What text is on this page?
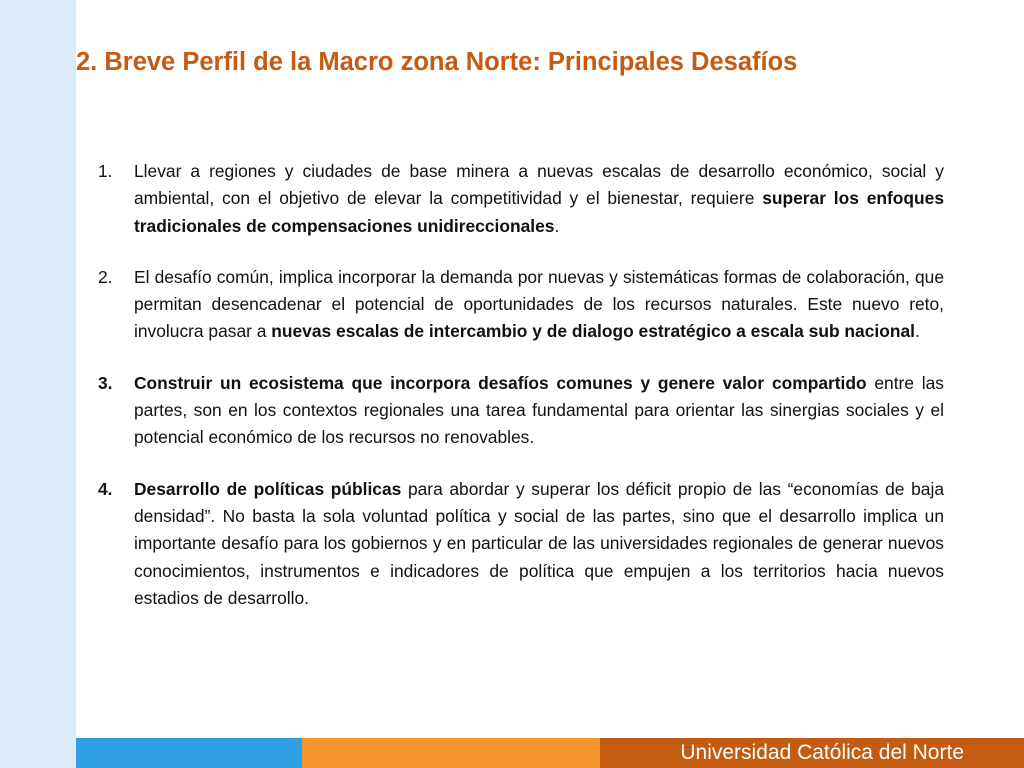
2. Breve Perfil de la Macro zona Norte: Principales Desafíos
1. Llevar a regiones y ciudades de base minera a nuevas escalas de desarrollo económico, social y ambiental, con el objetivo de elevar la competitividad y el bienestar, requiere superar los enfoques tradicionales de compensaciones unidireccionales.
2. El desafío común, implica incorporar la demanda por nuevas y sistemáticas formas de colaboración, que permitan desencadenar el potencial de oportunidades de los recursos naturales. Este nuevo reto, involucra pasar a nuevas escalas de intercambio y de dialogo estratégico a escala sub nacional.
3. Construir un ecosistema que incorpora desafíos comunes y genere valor compartido entre las partes, son en los contextos regionales una tarea fundamental para orientar las sinergias sociales y el potencial económico de los recursos no renovables.
4. Desarrollo de políticas públicas para abordar y superar los déficit propio de las “economías de baja densidad”. No basta la sola voluntad política y social de las partes, sino que el desarrollo implica un importante desafío para los gobiernos y en particular de las universidades regionales de generar nuevos conocimientos, instrumentos e indicadores de política que empujen a los territorios hacia nuevos estadios de desarrollo.
Universidad Católica del Norte
